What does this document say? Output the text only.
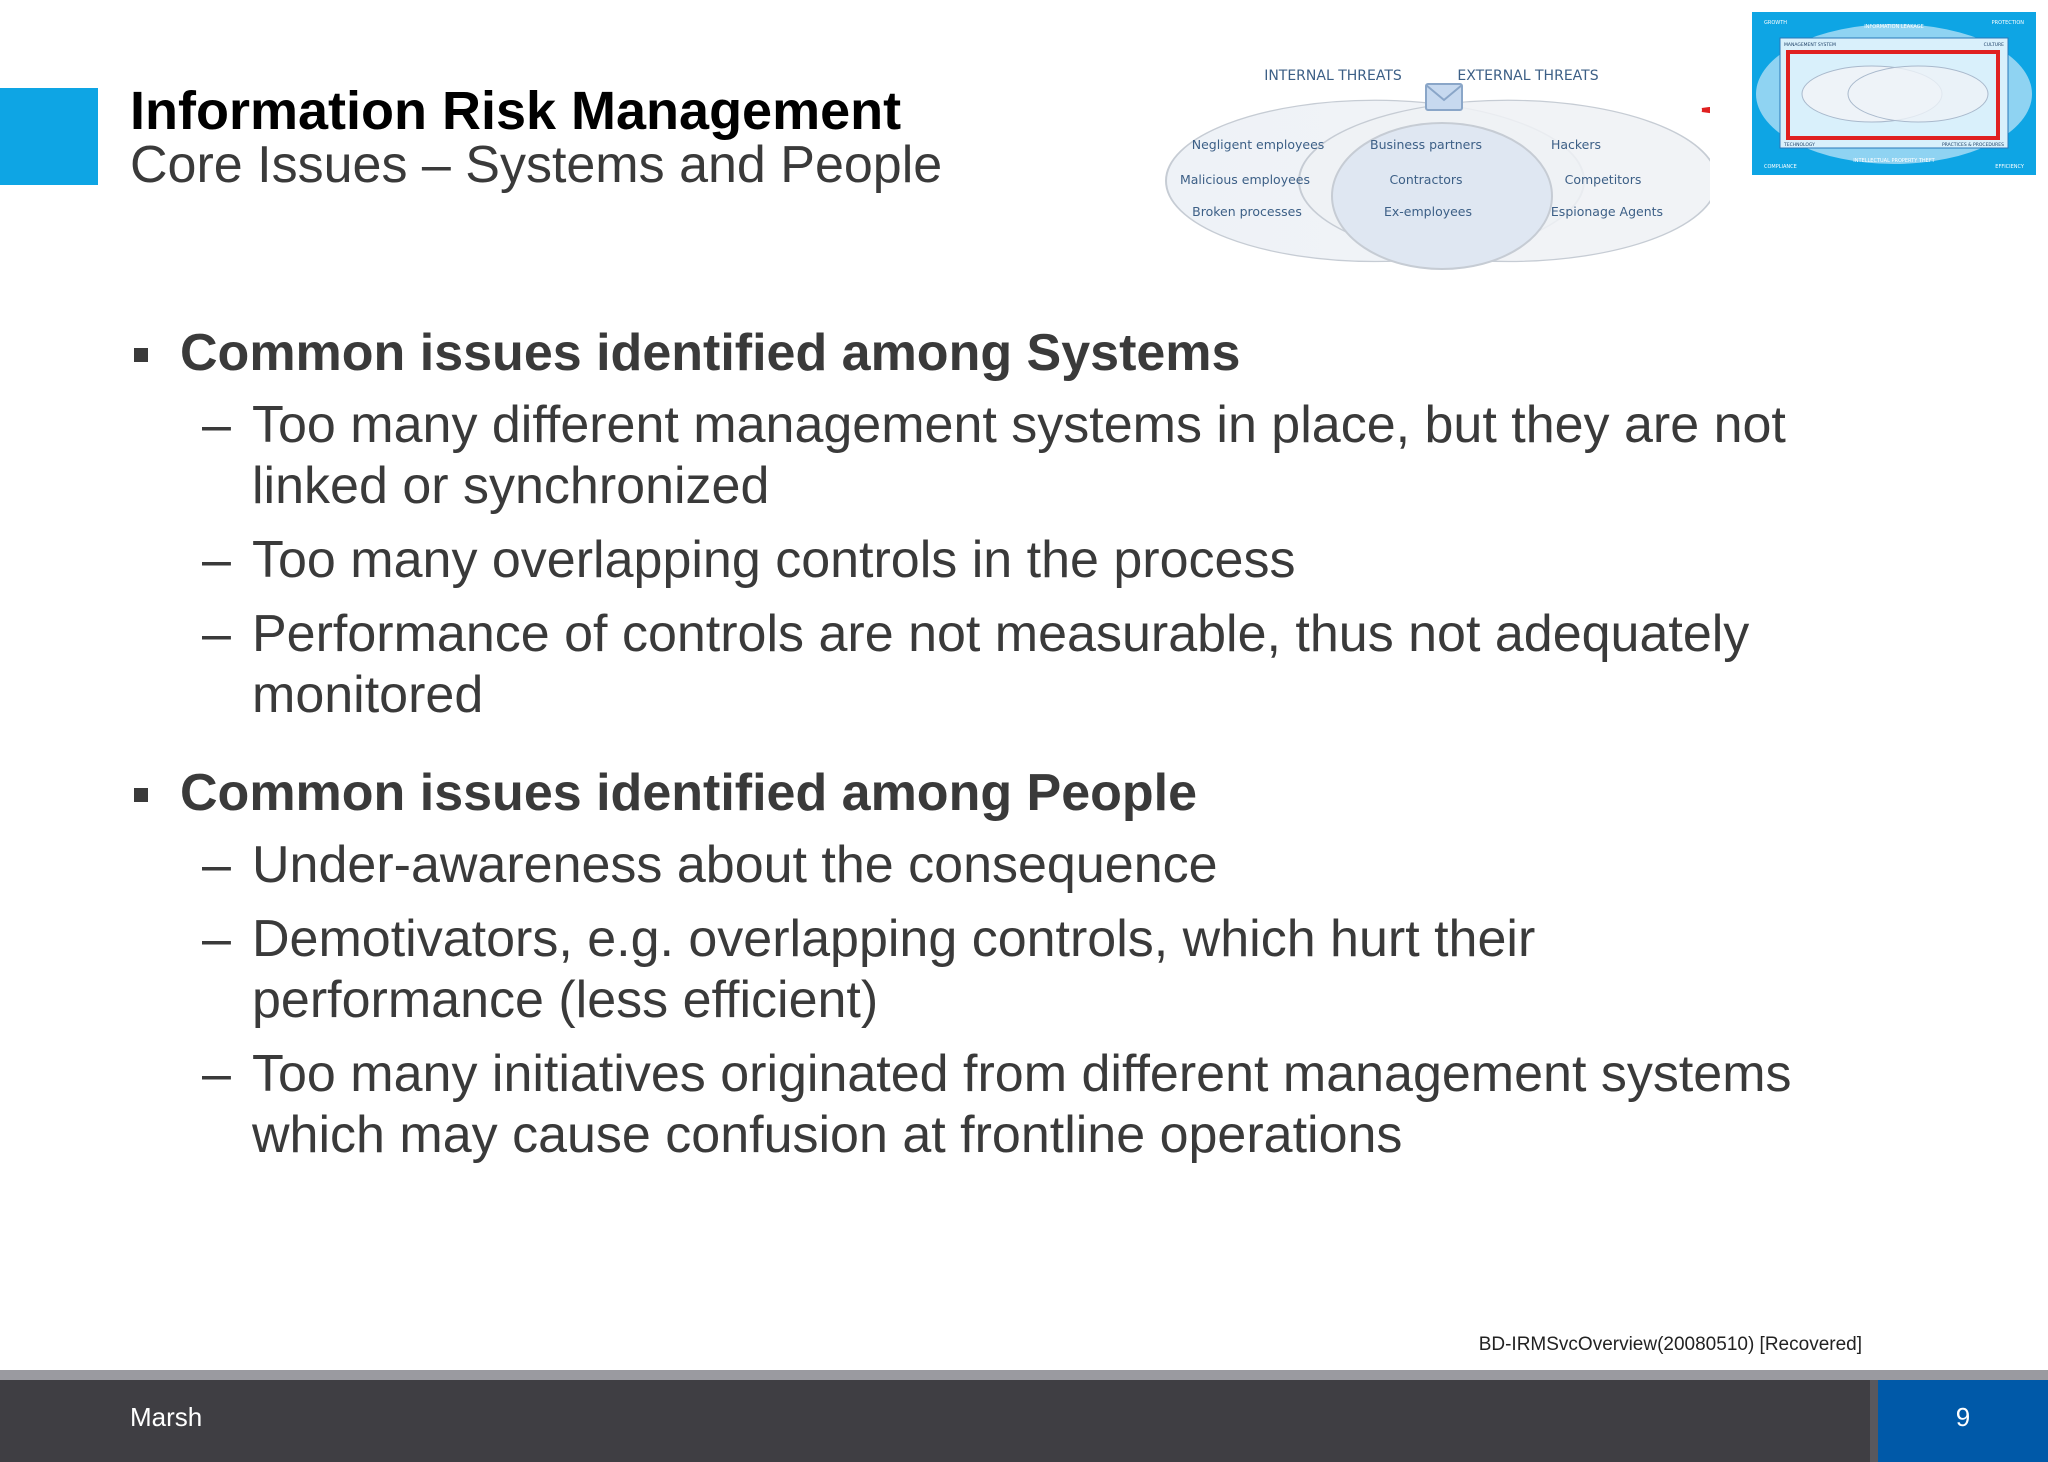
Information Risk Management
Core Issues – Systems and People
INTERNAL THREATS	EXTERNAL THREATS
Negligent employees
Malicious employees
Broken processes
Business partners
Contractors
Ex-employees
Hackers
Competitors
Espionage Agents
GROWTH	PROTECTION
COMPLIANCE	EFFICIENCY
INFORMATION LEAKAGE
INTELLECTUAL PROPERTY THEFT
MANAGEMENT SYSTEM	CULTURE
TECHNOLOGY	PRACTICES & PROCEDURES
Common issues identified among Systems
– Too many different management systems in place, but they are not
linked or synchronized
– Too many overlapping controls in the process
– Performance of controls are not measurable, thus not adequately
monitored
Common issues identified among People
– Under-awareness about the consequence
– Demotivators, e.g. overlapping controls, which hurt their
performance (less efficient)
– Too many initiatives originated from different management systems
which may cause confusion at frontline operations
BD-IRMSvcOverview(20080510) [Recovered]
Marsh	9
